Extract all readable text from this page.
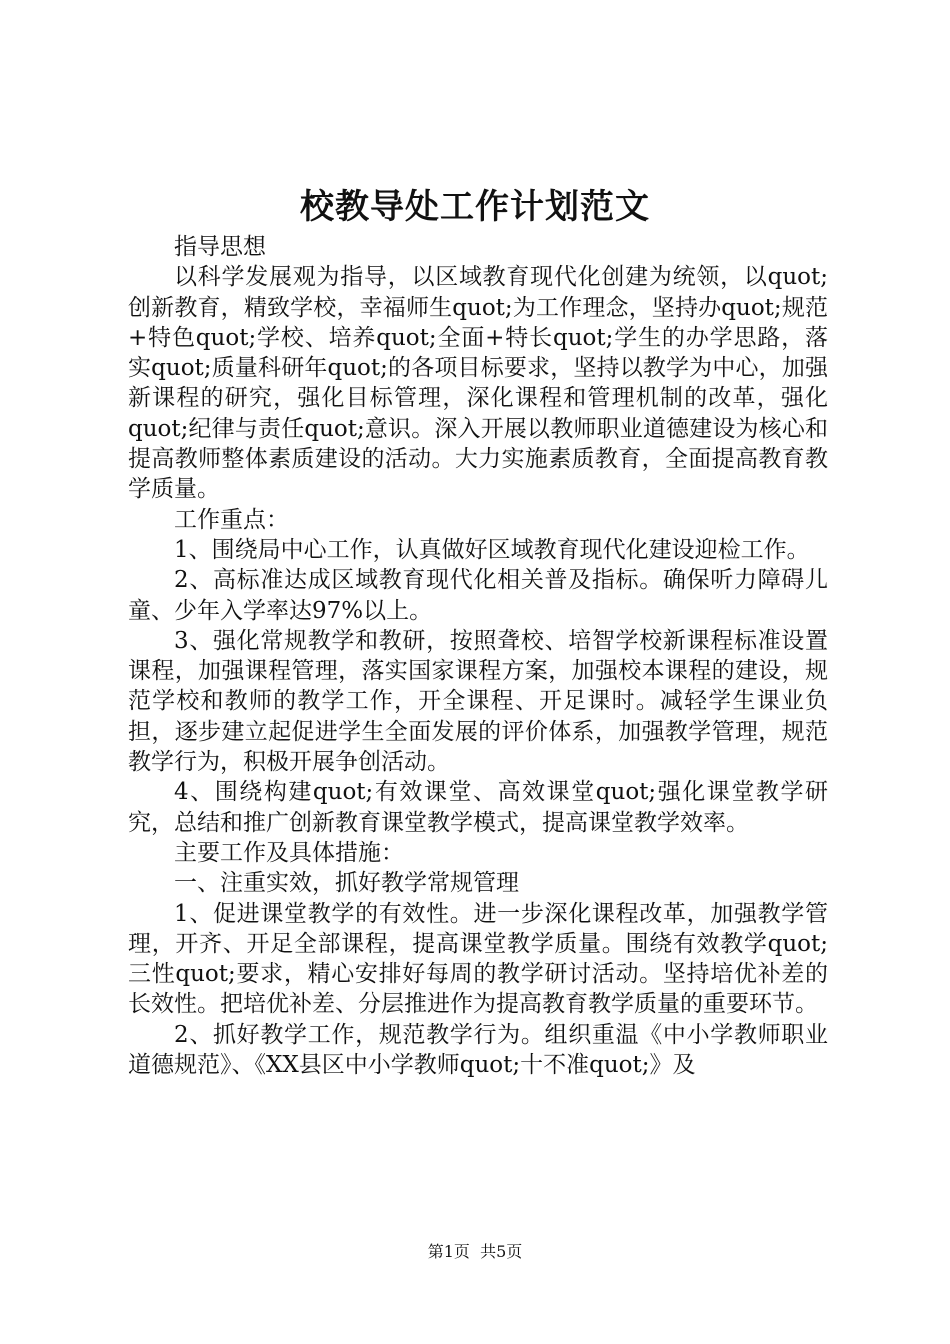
校教导处工作计划范文

指导思想

以科学发展观为指导，以区域教育现代化创建为统领，以quot;创新教育，精致学校，幸福师生quot;为工作理念，坚持办quot;规范+特色quot;学校、培养quot;全面+特长quot;学生的办学思路，落实quot;质量科研年quot;的各项目标要求，坚持以教学为中心，加强新课程的研究，强化目标管理，深化课程和管理机制的改革，强化quot;纪律与责任quot;意识。深入开展以教师职业道德建设为核心和提高教师整体素质建设的活动。大力实施素质教育，全面提高教育教学质量。

工作重点：

1、围绕局中心工作，认真做好区域教育现代化建设迎检工作。

2、高标准达成区域教育现代化相关普及指标。确保听力障碍儿童、少年入学率达97%以上。

3、强化常规教学和教研，按照聋校、培智学校新课程标准设置课程，加强课程管理，落实国家课程方案，加强校本课程的建设，规范学校和教师的教学工作，开全课程、开足课时。减轻学生课业负担，逐步建立起促进学生全面发展的评价体系，加强教学管理，规范教学行为，积极开展争创活动。

4、围绕构建quot;有效课堂、高效课堂quot;强化课堂教学研究，总结和推广创新教育课堂教学模式，提高课堂教学效率。

主要工作及具体措施：

一、注重实效，抓好教学常规管理

1、促进课堂教学的有效性。进一步深化课程改革，加强教学管理，开齐、开足全部课程，提高课堂教学质量。围绕有效教学quot;三性quot;要求，精心安排好每周的教学研讨活动。坚持培优补差的长效性。把培优补差、分层推进作为提高教育教学质量的重要环节。

2、抓好教学工作，规范教学行为。组织重温《中小学教师职业道德规范》、《XX县区中小学教师quot;十不准quot;》及

第1页  共5页
